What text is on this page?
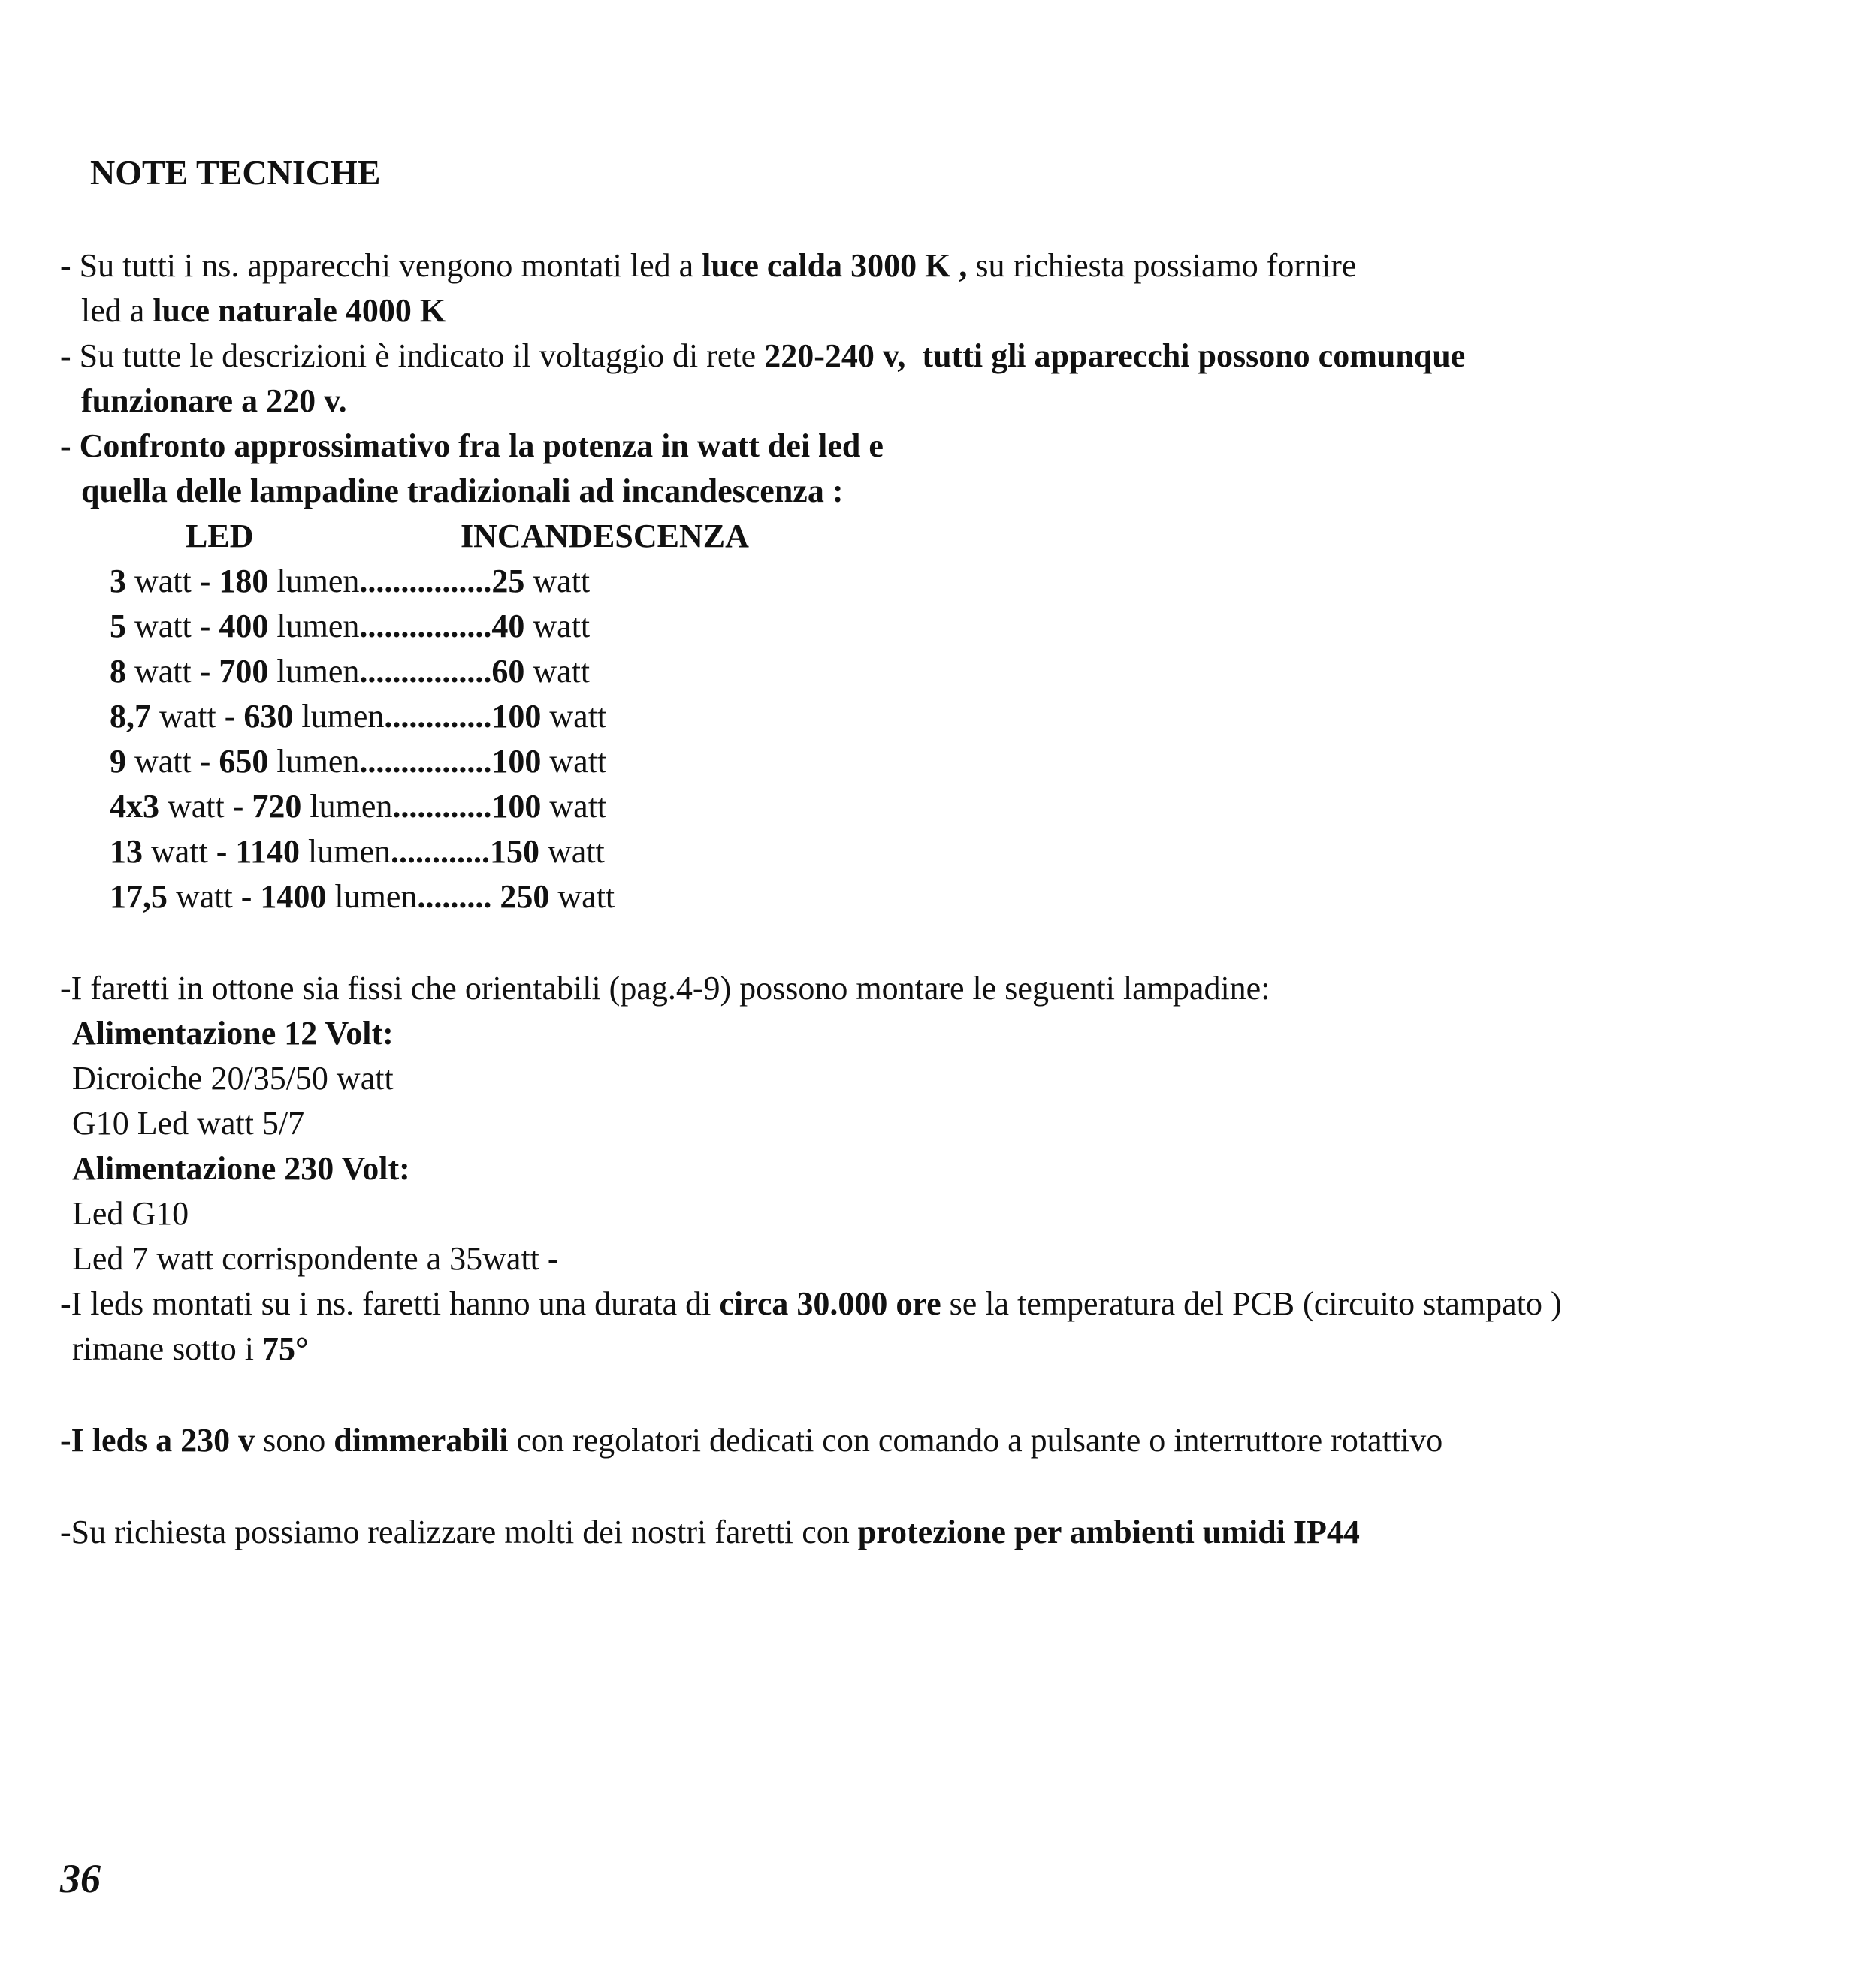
NOTE TECNICHE
- Su tutti i ns. apparecchi vengono montati led a luce calda 3000 K , su richiesta possiamo fornire
led a luce naturale 4000 K
- Su tutte le descrizioni è indicato il voltaggio di rete 220-240 v,  tutti gli apparecchi possono comunque
funzionare a 220 v.
- Confronto approssimativo fra la potenza in watt dei led e
quella delle lampadine tradizionali ad incandescenza :
LED	INCANDESCENZA
3 watt - 180 lumen................25 watt
5 watt - 400 lumen................40 watt
8 watt - 700 lumen................60 watt
8,7 watt - 630 lumen.............100 watt
9 watt - 650 lumen................100 watt
4x3 watt - 720 lumen............100 watt
13 watt - 1140 lumen............150 watt
17,5 watt - 1400 lumen......... 250 watt
-I faretti in ottone sia fissi che orientabili (pag.4-9) possono montare le seguenti lampadine:
Alimentazione 12 Volt:
Dicroiche 20/35/50 watt
G10 Led watt 5/7
Alimentazione 230 Volt:
Led G10
Led 7 watt corrispondente a 35watt -
-I leds montati su i ns. faretti hanno una durata di circa 30.000 ore se la temperatura del PCB (circuito stampato )
rimane sotto i 75°
-I leds a 230 v sono dimmerabili con regolatori dedicati con comando a pulsante o interruttore rotattivo
-Su richiesta possiamo realizzare molti dei nostri faretti con protezione per ambienti umidi IP44
36
